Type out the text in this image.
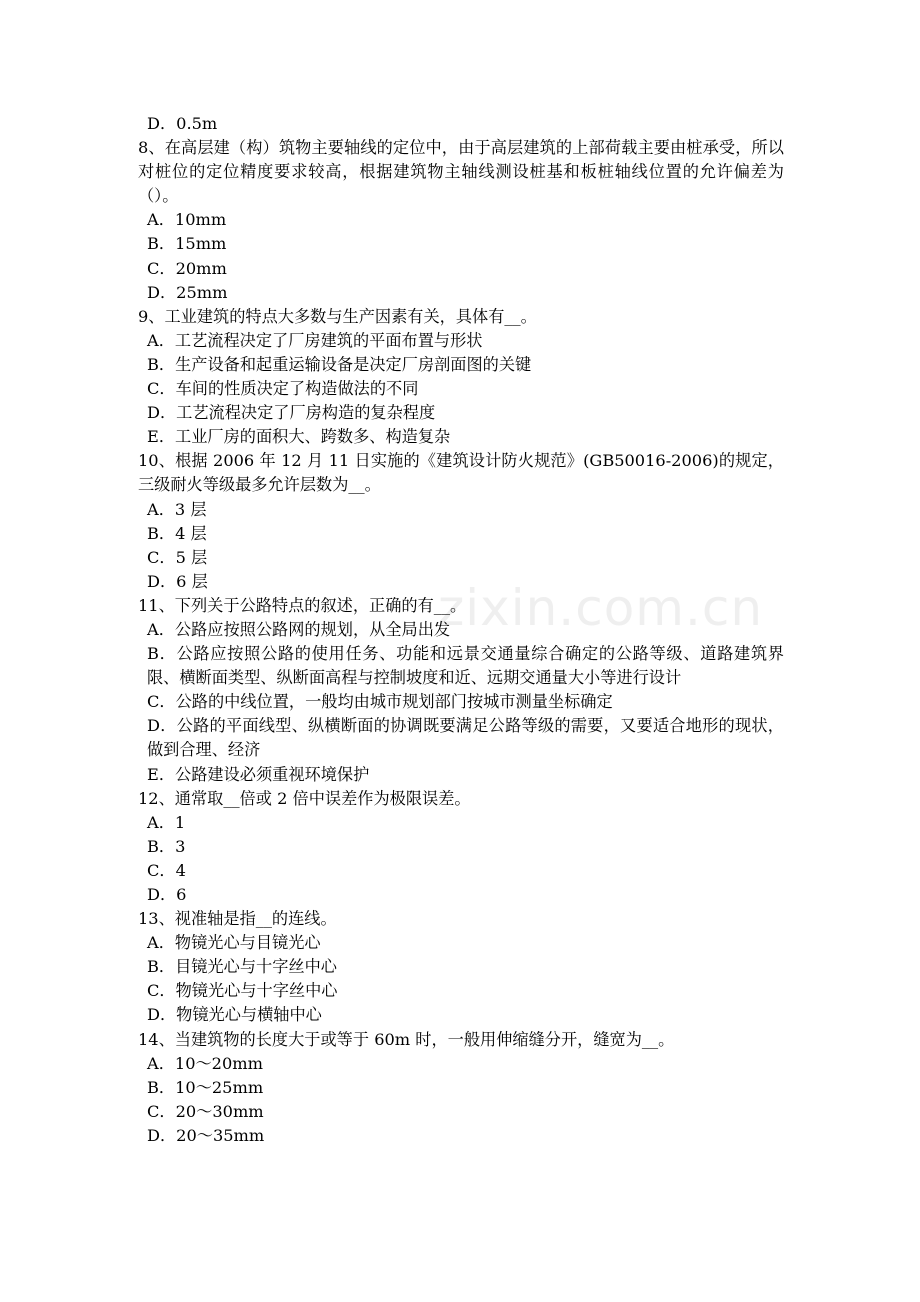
zixin.com.cn

D．0.5m

8、在高层建（构）筑物主要轴线的定位中，由于高层建筑的上部荷载主要由桩承受，所以对桩位的定位精度要求较高，根据建筑物主轴线测设桩基和板桩轴线位置的允许偏差为（）。

A．10mm

B．15mm

C．20mm

D．25mm

9、工业建筑的特点大多数与生产因素有关，具体有__。

A．工艺流程决定了厂房建筑的平面布置与形状

B．生产设备和起重运输设备是决定厂房剖面图的关键

C．车间的性质决定了构造做法的不同

D．工艺流程决定了厂房构造的复杂程度

E．工业厂房的面积大、跨数多、构造复杂

10、根据 2006 年 12 月 11 日实施的《建筑设计防火规范》(GB50016-2006)的规定，三级耐火等级最多允许层数为__。

A．3 层

B．4 层

C．5 层

D．6 层

11、下列关于公路特点的叙述，正确的有__。

A．公路应按照公路网的规划，从全局出发

B．公路应按照公路的使用任务、功能和远景交通量综合确定的公路等级、道路建筑界限、横断面类型、纵断面高程与控制坡度和近、远期交通量大小等进行设计

C．公路的中线位置，一般均由城市规划部门按城市测量坐标确定

D．公路的平面线型、纵横断面的协调既要满足公路等级的需要，又要适合地形的现状，做到合理、经济

E．公路建设必须重视环境保护

12、通常取__倍或 2 倍中误差作为极限误差。

A．1

B．3

C．4

D．6

13、视准轴是指__的连线。

A．物镜光心与目镜光心

B．目镜光心与十字丝中心

C．物镜光心与十字丝中心

D．物镜光心与横轴中心

14、当建筑物的长度大于或等于 60m 时，一般用伸缩缝分开，缝宽为__。

A．10～20mm

B．10～25mm

C．20～30mm

D．20～35mm
